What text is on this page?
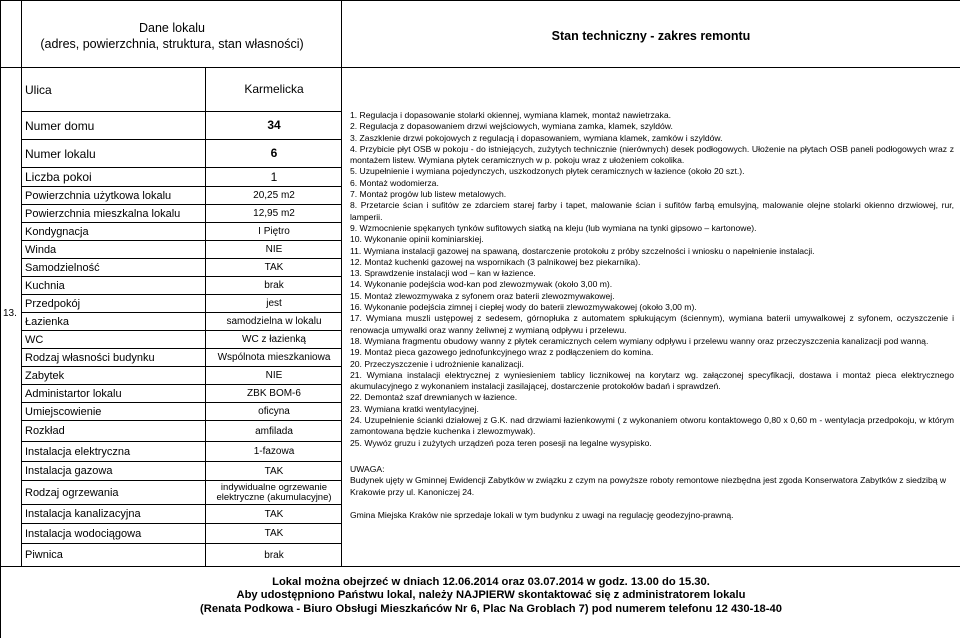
Dane lokalu
(adres, powierzchnia, struktura, stan własności)
Stan techniczny - zakres remontu
13.
Ulica	Karmelicka
Numer domu	34
Numer lokalu	6
Liczba pokoi	1
Powierzchnia użytkowa lokalu	20,25 m2
Powierzchnia mieszkalna lokalu	12,95 m2
Kondygnacja	I Piętro
Winda	NIE
Samodzielność	TAK
Kuchnia	brak
Przedpokój	jest
Łazienka	samodzielna w lokalu
WC	WC z łazienką
Rodzaj własności budynku	Wspólnota mieszkaniowa
Zabytek	NIE
Administartor lokalu	ZBK BOM-6
Umiejscowienie	oficyna
Rozkład	amfilada
Instalacja elektryczna	1-fazowa
Instalacja gazowa	TAK
Rodzaj ogrzewania	indywidualne ogrzewanie elektryczne (akumulacyjne)
Instalacja kanalizacyjna	TAK
Instalacja wodociągowa	TAK
Piwnica	brak

1. Regulacja i dopasowanie stolarki okiennej, wymiana klamek, montaż nawietrzaka.

2. Regulacja z dopasowaniem drzwi wejściowych, wymiana zamka, klamek, szyldów.

3. Zaszklenie drzwi pokojowych z regulacją i dopasowaniem, wymiana klamek, zamków i szyldów.

4. Przybicie płyt OSB w pokoju - do istniejących, zużytych technicznie (nierównych) desek podłogowych. Ułożenie na płytach OSB paneli podłogowych wraz z montażem listew. Wymiana płytek ceramicznych w p. pokoju wraz z ułożeniem cokolika.

5. Uzupełnienie i wymiana pojedynczych, uszkodzonych płytek ceramicznych w łazience (około 20 szt.).

6. Montaż wodomierza.

7. Montaż progów lub listew metalowych.

8. Przetarcie ścian i sufitów ze zdarciem starej farby i tapet, malowanie ścian i sufitów farbą emulsyjną, malowanie olejne stolarki okienno drzwiowej, rur, lamperii.

9. Wzmocnienie spękanych tynków sufitowych siatką na kleju (lub wymiana na tynki gipsowo – kartonowe).

10. Wykonanie opinii kominiarskiej.

11. Wymiana instalacji gazowej na spawaną, dostarczenie protokołu z próby szczelności i wniosku o napełnienie instalacji.

12. Montaż kuchenki gazowej na wspornikach (3 palnikowej bez piekarnika).

13. Sprawdzenie instalacji wod – kan w łazience.

14. Wykonanie podejścia wod-kan pod zlewozmywak (około 3,00 m).

15. Montaż zlewozmywaka z syfonem oraz baterii zlewozmywakowej.

16. Wykonanie podejścia zimnej i ciepłej wody do baterii zlewozmywakowej (około 3,00 m).

17. Wymiana muszli ustępowej z sedesem, górnopłuka z automatem spłukującym (ściennym), wymiana baterii umywalkowej z syfonem, oczyszczenie i renowacja umywalki oraz wanny żeliwnej z wymianą odpływu i przelewu.

18. Wymiana fragmentu obudowy wanny z płytek ceramicznych celem wymiany odpływu i przelewu wanny oraz przeczyszczenia kanalizacji pod wanną.

19. Montaż pieca gazowego jednofunkcyjnego wraz z podłączeniem do komina.

20. Przeczyszczenie i udrożnienie kanalizacji.

21. Wymiana instalacji elektrycznej z wyniesieniem tablicy licznikowej na korytarz wg. załączonej specyfikacji, dostawa i montaż pieca elektrycznego akumulacyjnego z wykonaniem instalacji zasilającej, dostarczenie protokołów badań i sprawdzeń.

22. Demontaż szaf drewnianych w łazience.

23. Wymiana kratki wentylacyjnej.

24. Uzupełnienie ścianki działowej z G.K. nad drzwiami łazienkowymi ( z wykonaniem otworu kontaktowego 0,80 x 0,60 m - wentylacja przedpokoju, w którym zamontowana będzie kuchenka i zlewozmywak).

25. Wywóz gruzu i zużytych urządzeń poza teren posesji na legalne wysypisko.

UWAGA:

Budynek ujęty w Gminnej Ewidencji Zabytków w związku z czym na powyższe roboty remontowe niezbędna jest zgoda Konserwatora Zabytków z siedzibą w Krakowie przy ul. Kanoniczej 24.

Gmina Miejska Kraków nie sprzedaje lokali w tym budynku z uwagi na regulację geodezyjno-prawną.
Lokal można obejrzeć w dniach 12.06.2014 oraz 03.07.2014 w godz. 13.00 do 15.30.
Aby udostępniono Państwu lokal, należy NAJPIERW skontaktować się z administratorem lokalu
(Renata Podkowa - Biuro Obsługi Mieszkańców Nr 6, Plac Na Groblach 7) pod numerem telefonu 12 430-18-40
